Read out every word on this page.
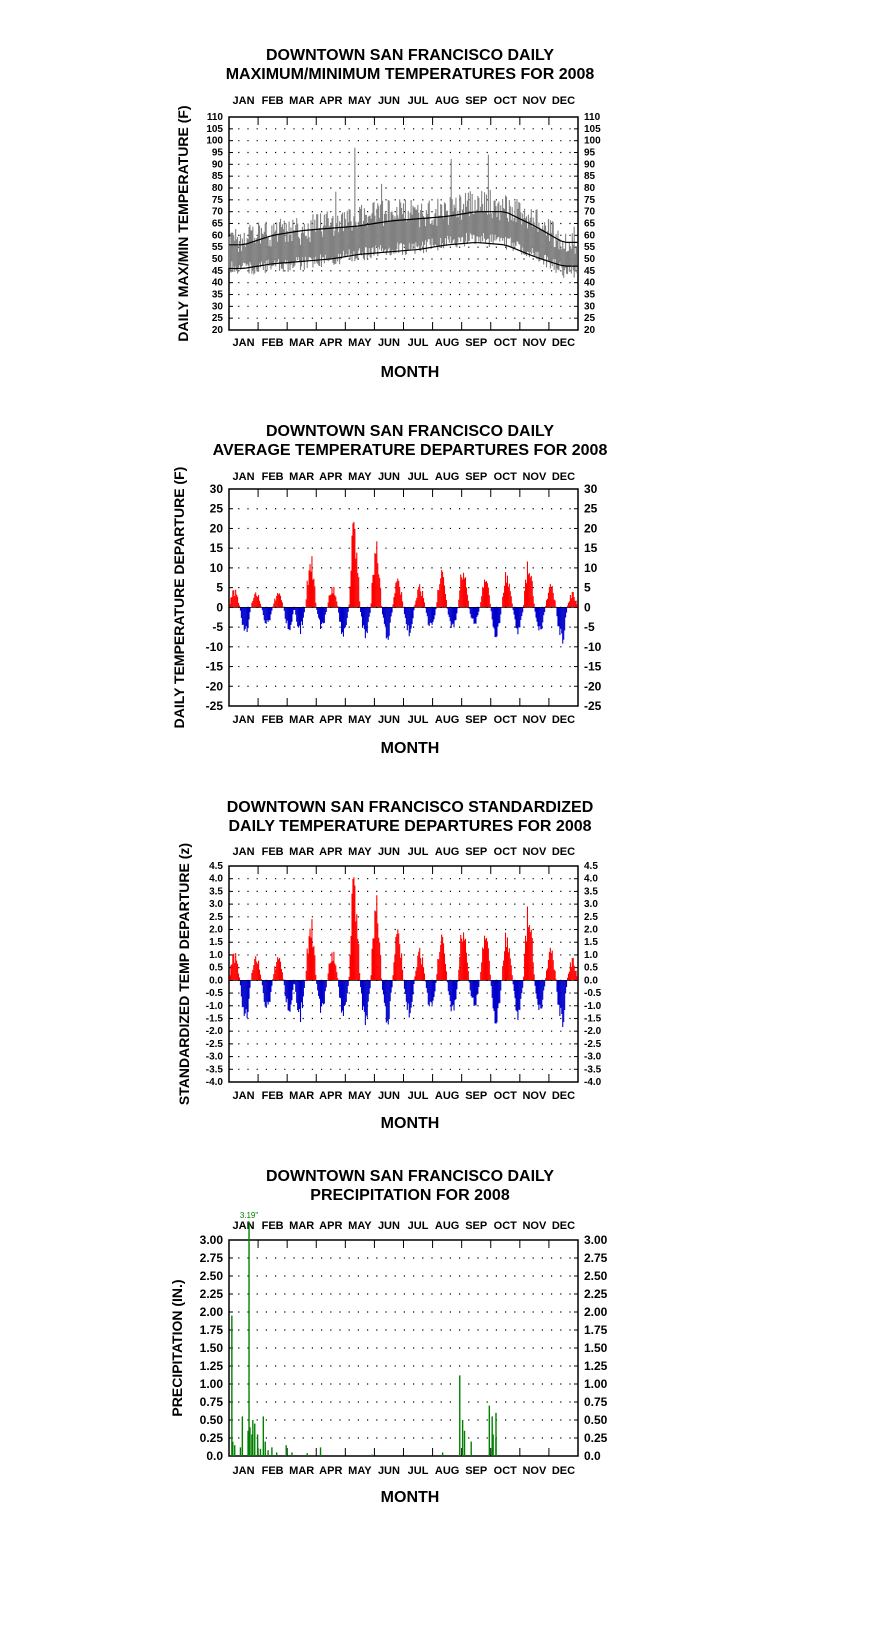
DOWNTOWN SAN FRANCISCO DAILY
MAXIMUM/MINIMUM TEMPERATURES FOR 2008
JAN
JAN
FEB
FEB
MAR
MAR
APR
APR
MAY
MAY
JUN
JUN
JUL
JUL
AUG
AUG
SEP
SEP
OCT
OCT
NOV
NOV
DEC
DEC
20	20
25	25
30	30
35	35
40	40
45	45
50	50
55	55
60	60
65	65
70	70
75	75
80	80
85	85
90	90
95	95
100	100
105	105
110	110
MONTH
DAILY MAX/MIN TEMPERATURE (F)
DOWNTOWN SAN FRANCISCO DAILY
AVERAGE TEMPERATURE DEPARTURES FOR 2008
JAN
JAN
FEB
FEB
MAR
MAR
APR
APR
MAY
MAY
JUN
JUN
JUL
JUL
AUG
AUG
SEP
SEP
OCT
OCT
NOV
NOV
DEC
DEC
30	30
25	25
20	20
15	15
10	10
5	5
0	0
-5	-5
-10	-10
-15	-15
-20	-20
-25	-25
MONTH
DAILY TEMPERATURE DEPARTURE (F)
DOWNTOWN SAN FRANCISCO STANDARDIZED
DAILY TEMPERATURE DEPARTURES FOR 2008
JAN
JAN
FEB
FEB
MAR
MAR
APR
APR
MAY
MAY
JUN
JUN
JUL
JUL
AUG
AUG
SEP
SEP
OCT
OCT
NOV
NOV
DEC
DEC
4.5	4.5
4.0	4.0
3.5	3.5
3.0	3.0
2.5	2.5
2.0	2.0
1.5	1.5
1.0	1.0
0.5	0.5
0.0	0.0
-0.5	-0.5
-1.0	-1.0
-1.5	-1.5
-2.0	-2.0
-2.5	-2.5
-3.0	-3.0
-3.5	-3.5
-4.0	-4.0
MONTH
STANDARDIZED TEMP DEPARTURE (z)
DOWNTOWN SAN FRANCISCO DAILY
PRECIPITATION FOR 2008
JAN
JAN
FEB
FEB
MAR
MAR
APR
APR
MAY
MAY
JUN
JUN
JUL
JUL
AUG
AUG
SEP
SEP
OCT
OCT
NOV
NOV
DEC
DEC
3.00	3.00
2.75	2.75
2.50	2.50
2.25	2.25
2.00	2.00
1.75	1.75
1.50	1.50
1.25	1.25
1.00	1.00
0.75	0.75
0.50	0.50
0.25	0.25
0.0	0.0
MONTH
PRECIPITATION (IN.)
3.19"
